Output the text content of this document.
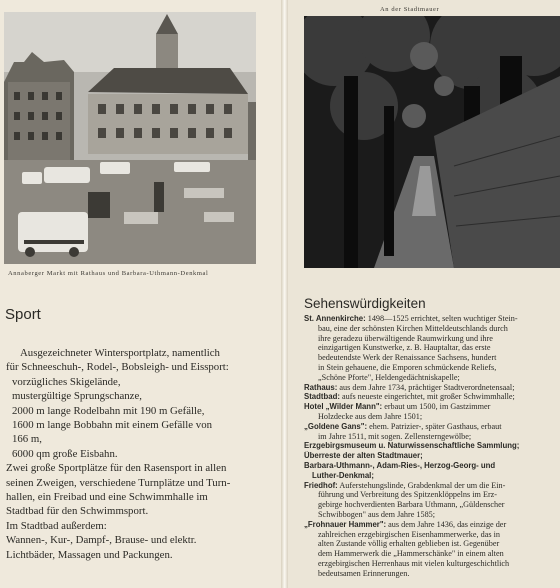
Annaberger Markt mit Rathaus und Barbara-Uthmann-Denkmal
Sport
Ausgezeichneter Wintersportplatz, namentlich
für Schneeschuh-, Rodel-, Bobsleigh- und Eissport:
vorzügliches Skigelände,
mustergültige Sprungschanze,
2000 m lange Rodelbahn mit 190 m Gefälle,
1600 m lange Bobbahn mit einem Gefälle von
166 m,
6000 qm große Eisbahn.
Zwei große Sportplätze für den Rasensport in allen
seinen Zweigen, verschiedene Turnplätze und Turn-
hallen, ein Freibad und eine Schwimmhalle im
Stadtbad für den Schwimmsport.
Im Stadtbad außerdem:
Wannen-, Kur-, Dampf-, Brause- und elektr.
Lichtbäder, Massagen und Packungen.
An der Stadtmauer
Sehenswürdigkeiten
St. Annenkirche: 1498—1525 errichtet, selten wuchtiger Stein-
bau, eine der schönsten Kirchen Mitteldeutschlands durch
ihre geradezu überwältigende Raumwirkung und ihre
einzigartigen Kunstwerke, z. B. Hauptaltar, das erste
bedeutendste Werk der Renaissance Sachsens, hundert
in Stein gehauene, die Emporen schmückende Reliefs,
„Schöne Pforte", Heldengedächtniskapelle;
Rathaus: aus dem Jahre 1734, prächtiger Stadtverordnetensaal;
Stadtbad: aufs neueste eingerichtet, mit großer Schwimmhalle;
Hotel „Wilder Mann": erbaut um 1500, im Gastzimmer
Holzdecke aus dem Jahre 1501;
„Goldene Gans": ehem. Patrizier-, später Gasthaus, erbaut
im Jahre 1511, mit sogen. Zellensterngewölbe;
Erzgebirgsmuseum u. Naturwissenschaftliche Sammlung;
Überreste der alten Stadtmauer;
Barbara-Uthmann-, Adam-Ries-, Herzog-Georg- und
Luther-Denkmal;
Friedhof: Auferstehungslinde, Grabdenkmal der um die Ein-
führung und Verbreitung des Spitzenklöppelns im Erz-
gebirge hochverdienten Barbara Uthmann, „Güldenscher
Schwibbogen" aus dem Jahre 1585;
„Frohnauer Hammer": aus dem Jahre 1436, das einzige der
zahlreichen erzgebirgischen Eisenhammerwerke, das in
alten Zustande völlig erhalten geblieben ist. Gegenüber
dem Hammerwerk die „Hammerschänke" in einem alten
erzgebirgischen Herrenhaus mit vielen kulturgeschichtlich
bedeutsamen Erinnerungen.
